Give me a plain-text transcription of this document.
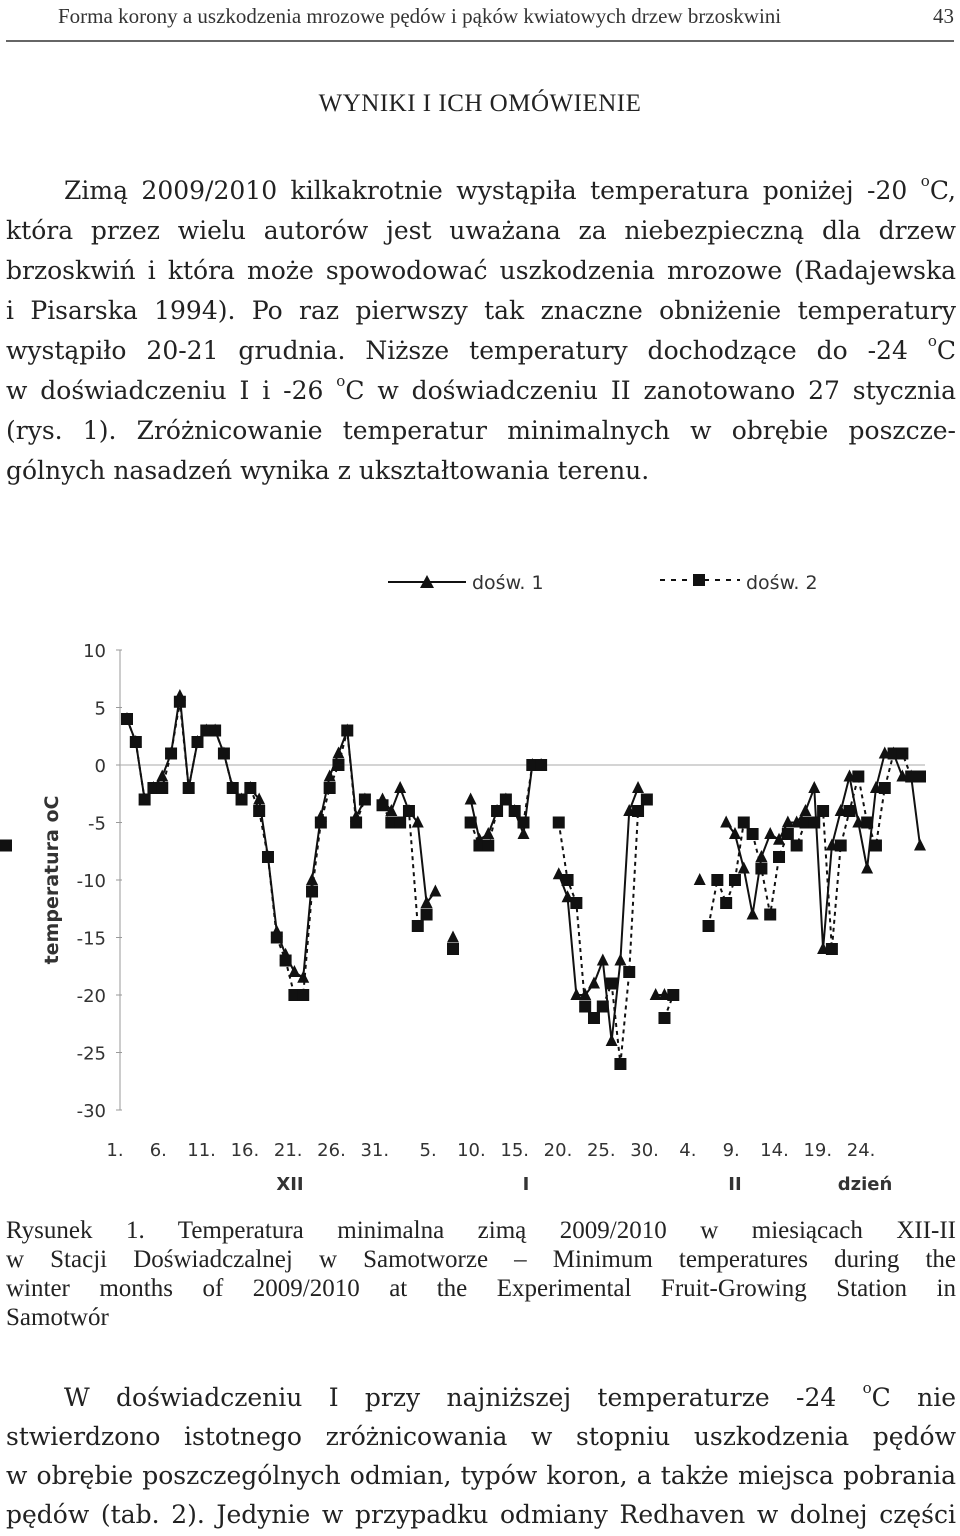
Forma korony a uszkodzenia mrozowe pędów i pąków kwiatowych drzew brzoskwini	43
WYNIKI I ICH OMÓWIENIE
Zimą 2009/2010 kilkakrotnie wystąpiła temperatura poniżej -20 $^o$C,
która przez wielu autorów jest uważana za niebezpieczną dla drzew
brzoskwiń i która może spowodować uszkodzenia mrozowe (Radajewska
i Pisarska 1994). Po raz pierwszy tak znaczne obniżenie temperatury
wystąpiło 20-21 grudnia. Niższe temperatury dochodzące do -24 $^o$C
w doświadczeniu I i -26 $^o$C w doświadczeniu II zanotowano 27 stycznia
(rys. 1). Zróżnicowanie temperatur minimalnych w obrębie poszcze-
gólnych nasadzeń wynika z ukształtowania terenu.
10
5
0
-5
-10
-15
-20
-25
-30
temperatura oC
1. 6. 11. 16. 21. 26. 31. 5. 10. 15. 20. 25. 30. 4. 9. 14. 19. 24.
XII	I	II	dzień
dośw. 1	dośw. 2
Rysunek 1. Temperatura minimalna zimą 2009/2010 w miesiącach XII-II
w Stacji Doświadczalnej w Samotworze – Minimum temperatures during the
winter months of 2009/2010 at the Experimental Fruit-Growing Station in
Samotwór
W doświadczeniu I przy najniższej temperaturze -24 $^o$C nie
stwierdzono istotnego zróżnicowania w stopniu uszkodzenia pędów
w obrębie poszczególnych odmian, typów koron, a także miejsca pobrania
pędów (tab. 2). Jedynie w przypadku odmiany Redhaven w dolnej części
